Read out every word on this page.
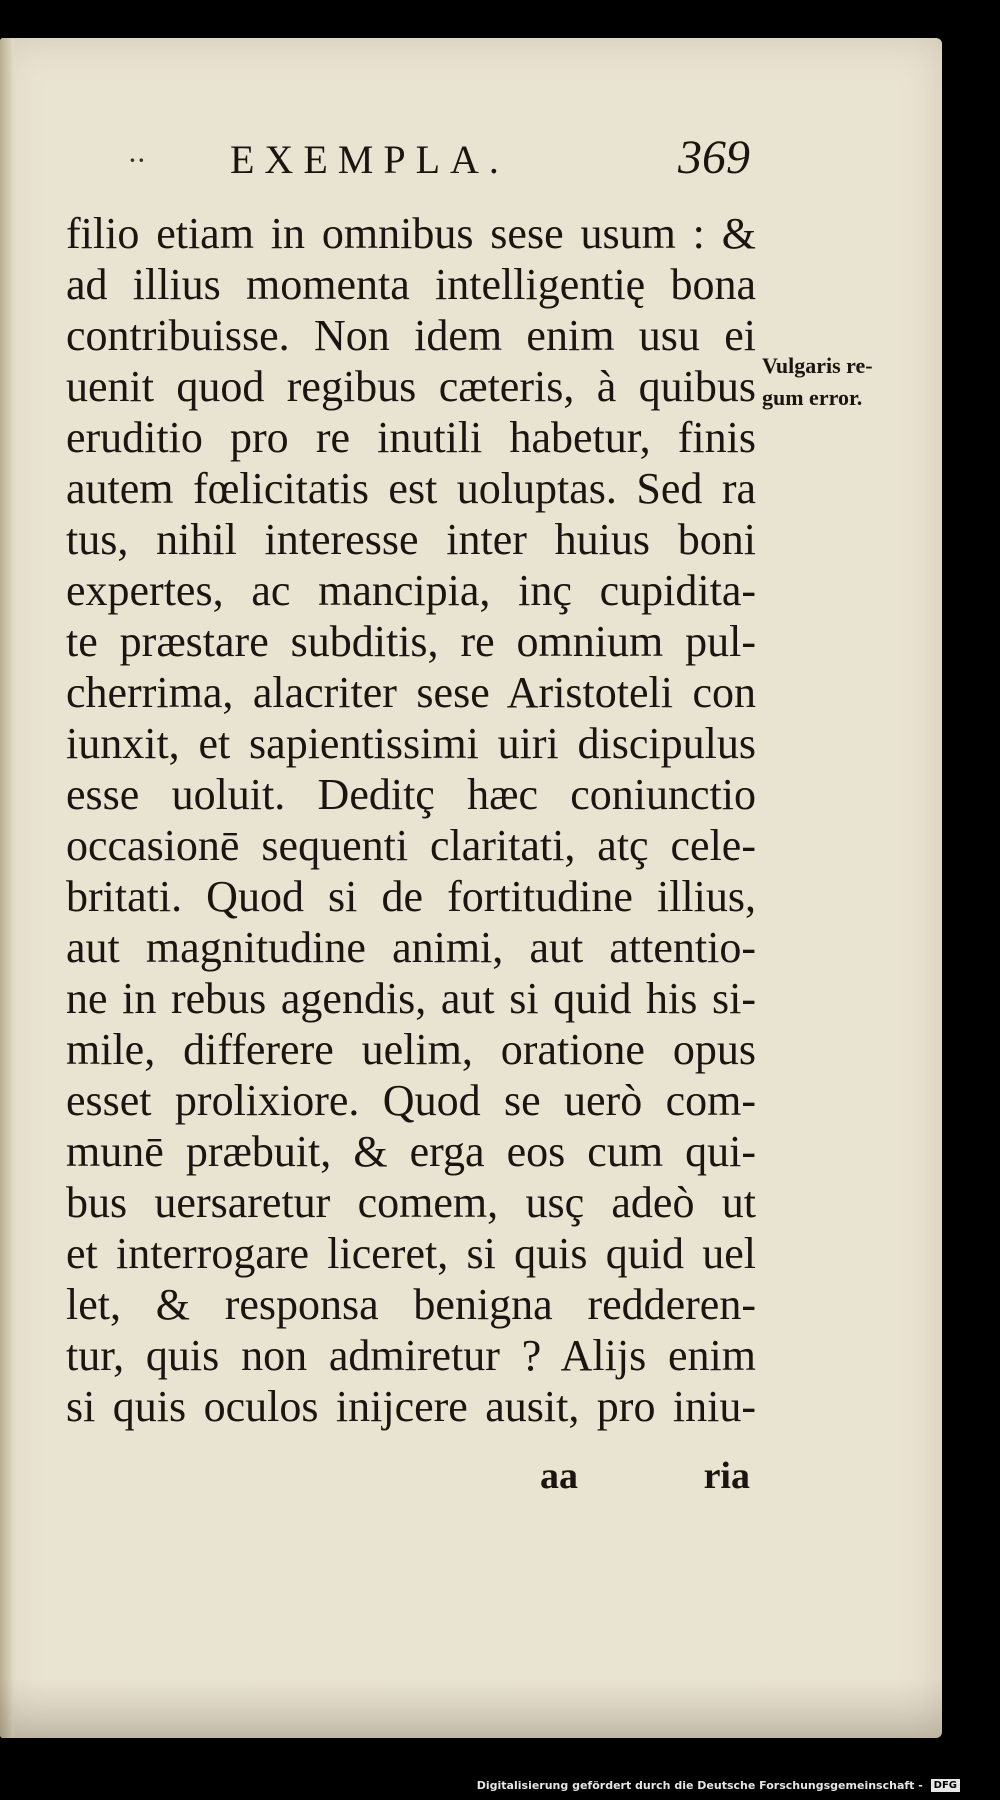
·· EXEMPLA.	369
filio etiam in omnibus sese usum : &
ad illius momenta intelligentię bona
contribuisse. Non idem enim usu ei
uenit quod regibus cæteris, à quibus
eruditio pro re inutili habetur, finis
autem fœlicitatis est uoluptas. Sed ra
tus, nihil interesse inter huius boni
expertes, ac mancipia, inç cupidita-
te præstare subditis, re omnium pul-
cherrima, alacriter sese Aristoteli con
iunxit, et sapientissimi uiri discipulus
esse uoluit. Deditç hæc coniunctio
occasionē sequenti claritati, atç cele-
britati. Quod si de fortitudine illius,
aut magnitudine animi, aut attentio-
ne in rebus agendis, aut si quid his si-
mile, differere uelim, oratione opus
esset prolixiore. Quod se uerò com-
munē præbuit, & erga eos cum qui-
bus uersaretur comem, usç adeò ut
et interrogare liceret, si quis quid uel
let, & responsa benigna redderen-
tur, quis non admiretur ? Alijs enim
si quis oculos inijcere ausit, pro iniu-
Vulgaris re-
gum error.
aa	ria
Digitalisierung gefördert durch die Deutsche Forschungsgemeinschaft - DFG
